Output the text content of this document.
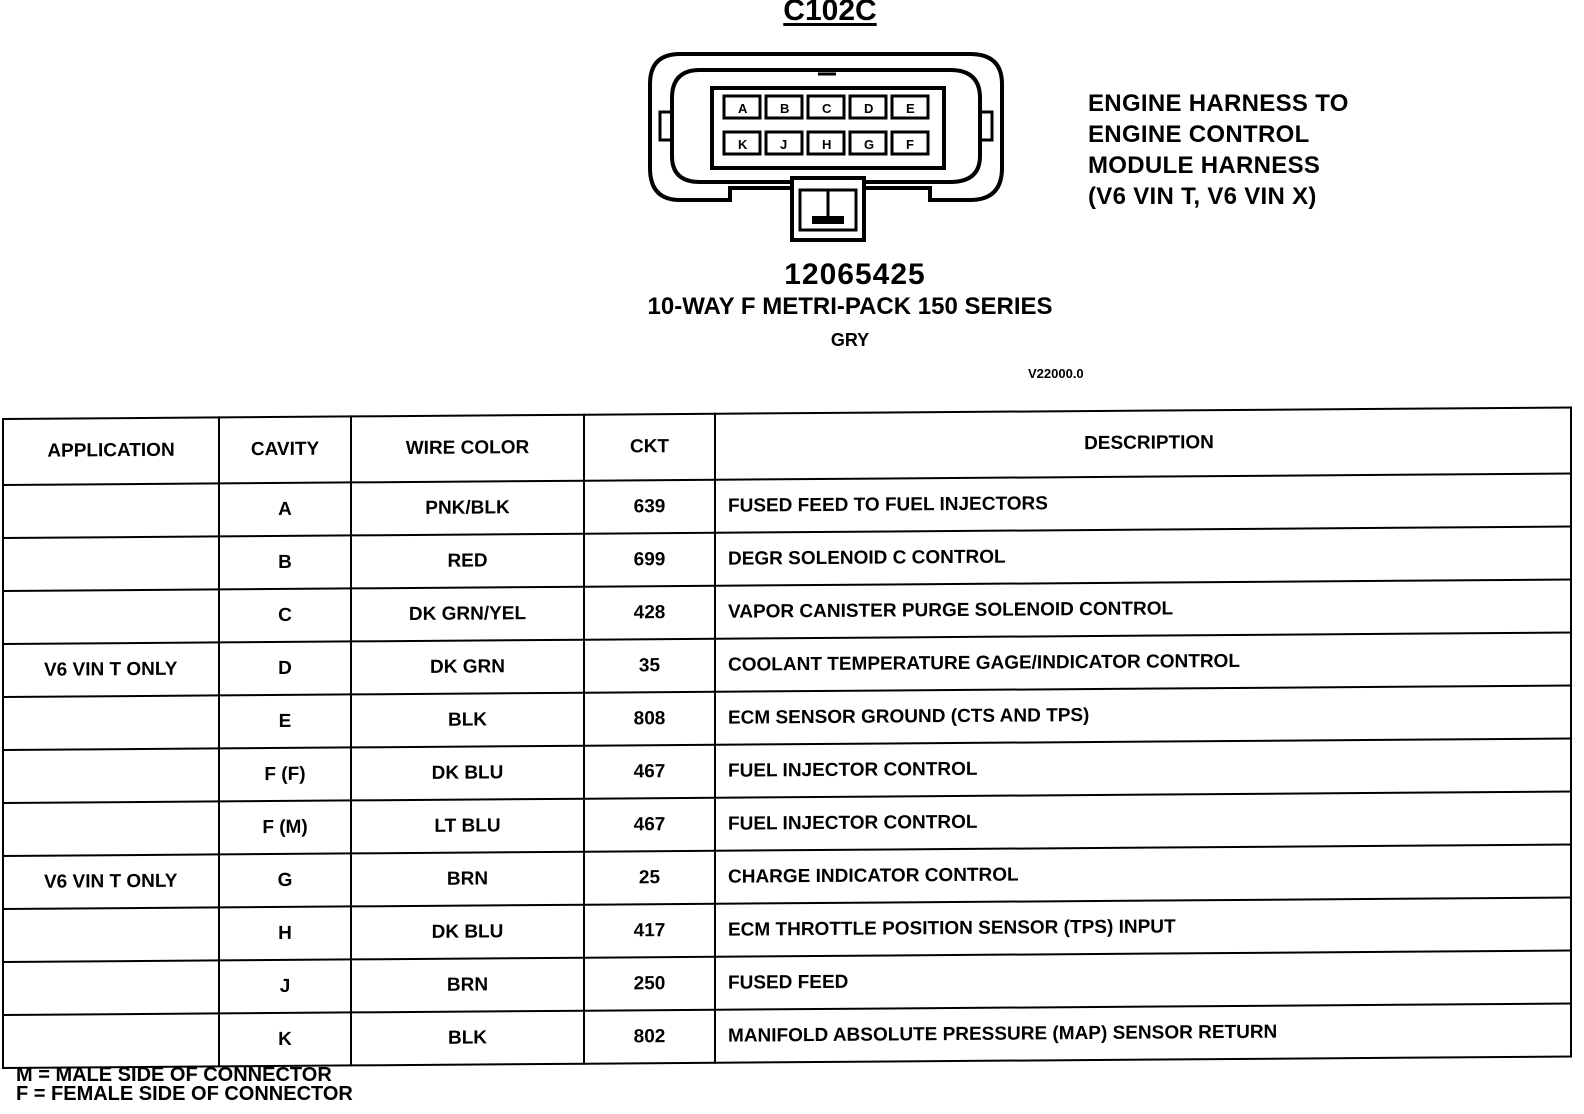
C102C
A	B	C	D	E
K	J	H	G F
ENGINE HARNESS TO
ENGINE CONTROL
MODULE HARNESS
(V6 VIN T, V6 VIN X)
12065425
10-WAY F METRI-PACK 150 SERIES
GRY
V22000.0
APPLICATION	CAVITY	WIRE COLOR	CKT	DESCRIPTION
	A	PNK/BLK	639	FUSED FEED TO FUEL INJECTORS
	B	RED	699	DEGR SOLENOID C CONTROL
	C	DK GRN/YEL	428	VAPOR CANISTER PURGE SOLENOID CONTROL
V6 VIN T ONLY	D	DK GRN	35	COOLANT TEMPERATURE GAGE/INDICATOR CONTROL
	E	BLK	808	ECM SENSOR GROUND (CTS AND TPS)
	F (F)	DK BLU	467	FUEL INJECTOR CONTROL
	F (M)	LT BLU	467	FUEL INJECTOR CONTROL
V6 VIN T ONLY	G	BRN	25	CHARGE INDICATOR CONTROL
	H	DK BLU	417	ECM THROTTLE POSITION SENSOR (TPS) INPUT
	J	BRN	250	FUSED FEED
	K	BLK	802	MANIFOLD ABSOLUTE PRESSURE (MAP) SENSOR RETURN
M = MALE SIDE OF CONNECTOR
F = FEMALE SIDE OF CONNECTOR
